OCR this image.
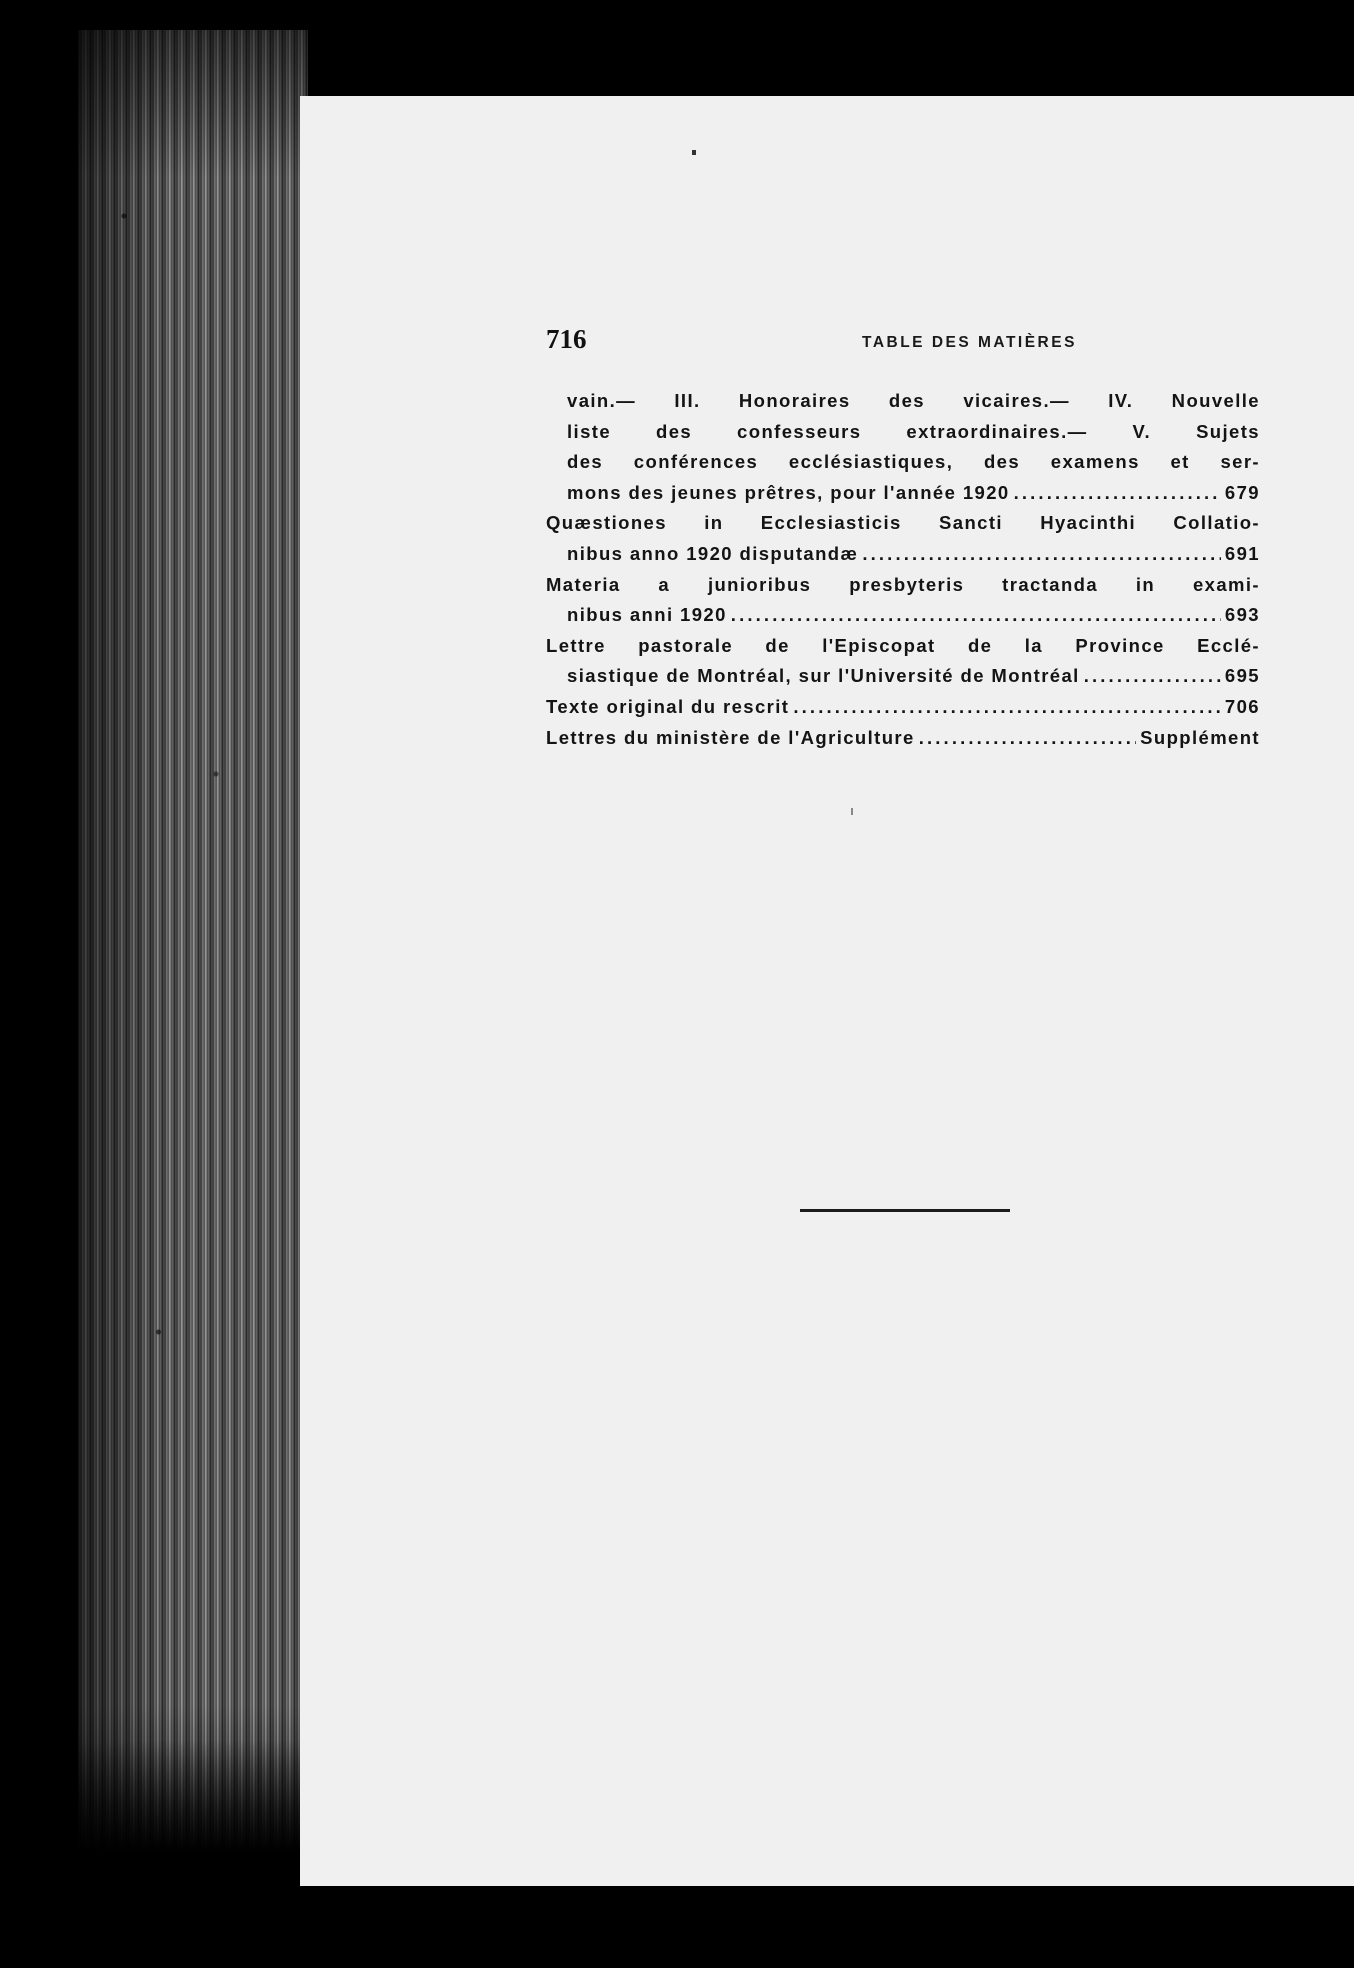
716	TABLE DES MATIÈRES
vain.— III. Honoraires des vicaires.— IV. Nouvelle
liste des confesseurs extraordinaires.— V. Sujets
des conférences ecclésiastiques, des examens et ser-
mons des jeunes prêtres, pour l'année 1920 . . .	679
Quæstiones in Ecclesiasticis Sancti Hyacinthi Collatio-
nibus anno 1920 disputandæ . . .	691
Materia a junioribus presbyteris tractanda in exami-
nibus anni 1920 . . .	693
Lettre pastorale de l'Episcopat de la Province Ecclé-
siastique de Montréal, sur l'Université de Montréal . . .	695
Texte original du rescrit . . .	706
Lettres du ministère de l'Agriculture . . .	Supplément
